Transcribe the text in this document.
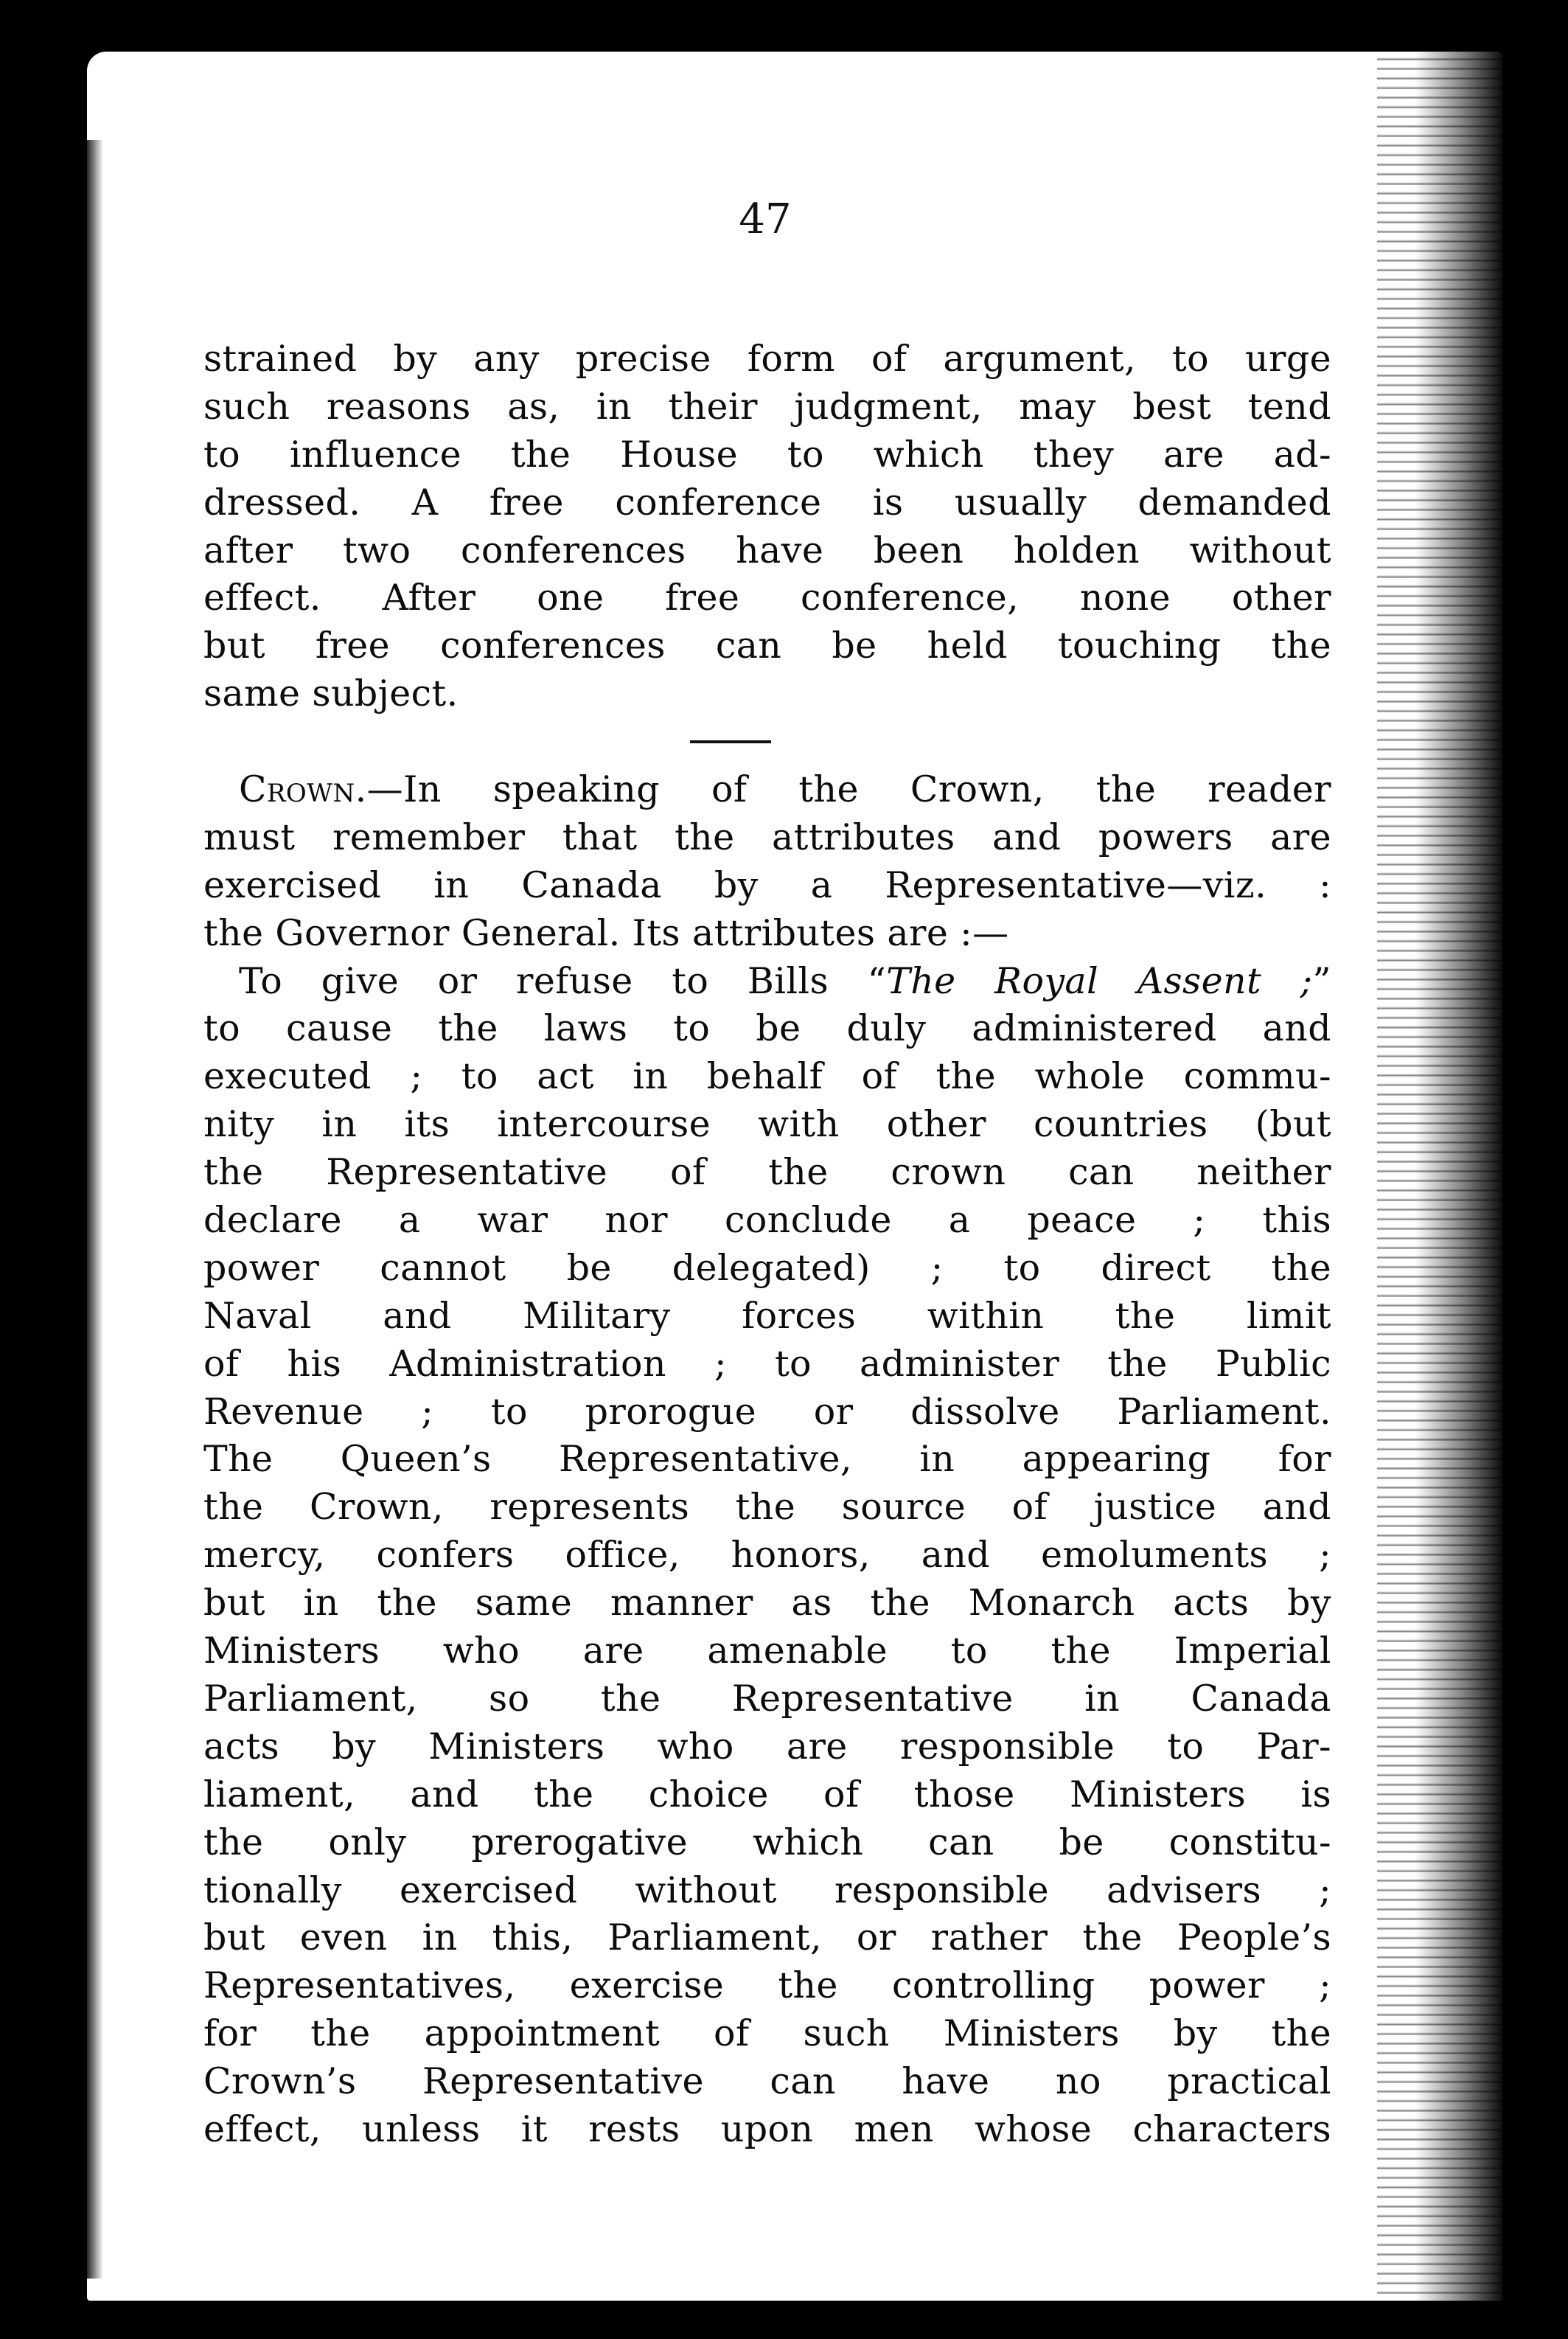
47
strained by any precise form of argument, to urge
such reasons as, in their judgment, may best tend
to influence the House to which they are ad-
dressed. A free conference is usually demanded
after two conferences have been holden without
effect. After one free conference, none other
but free conferences can be held touching the
same subject.
Crown.—In speaking of the Crown, the reader
must remember that the attributes and powers are
exercised in Canada by a Representative—viz. :
the Governor General. Its attributes are :—
To give or refuse to Bills “The Royal Assent ;”
to cause the laws to be duly administered and
executed ; to act in behalf of the whole commu-
nity in its intercourse with other countries (but
the Representative of the crown can neither
declare a war nor conclude a peace ; this
power cannot be delegated) ; to direct the
Naval and Military forces within the limit
of his Administration ; to administer the Public
Revenue ; to prorogue or dissolve Parliament.
The Queen’s Representative, in appearing for
the Crown, represents the source of justice and
mercy, confers office, honors, and emoluments ;
but in the same manner as the Monarch acts by
Ministers who are amenable to the Imperial
Parliament, so the Representative in Canada
acts by Ministers who are responsible to Par-
liament, and the choice of those Ministers is
the only prerogative which can be constitu-
tionally exercised without responsible advisers ;
but even in this, Parliament, or rather the People’s
Representatives, exercise the controlling power ;
for the appointment of such Ministers by the
Crown’s Representative can have no practical
effect, unless it rests upon men whose characters
